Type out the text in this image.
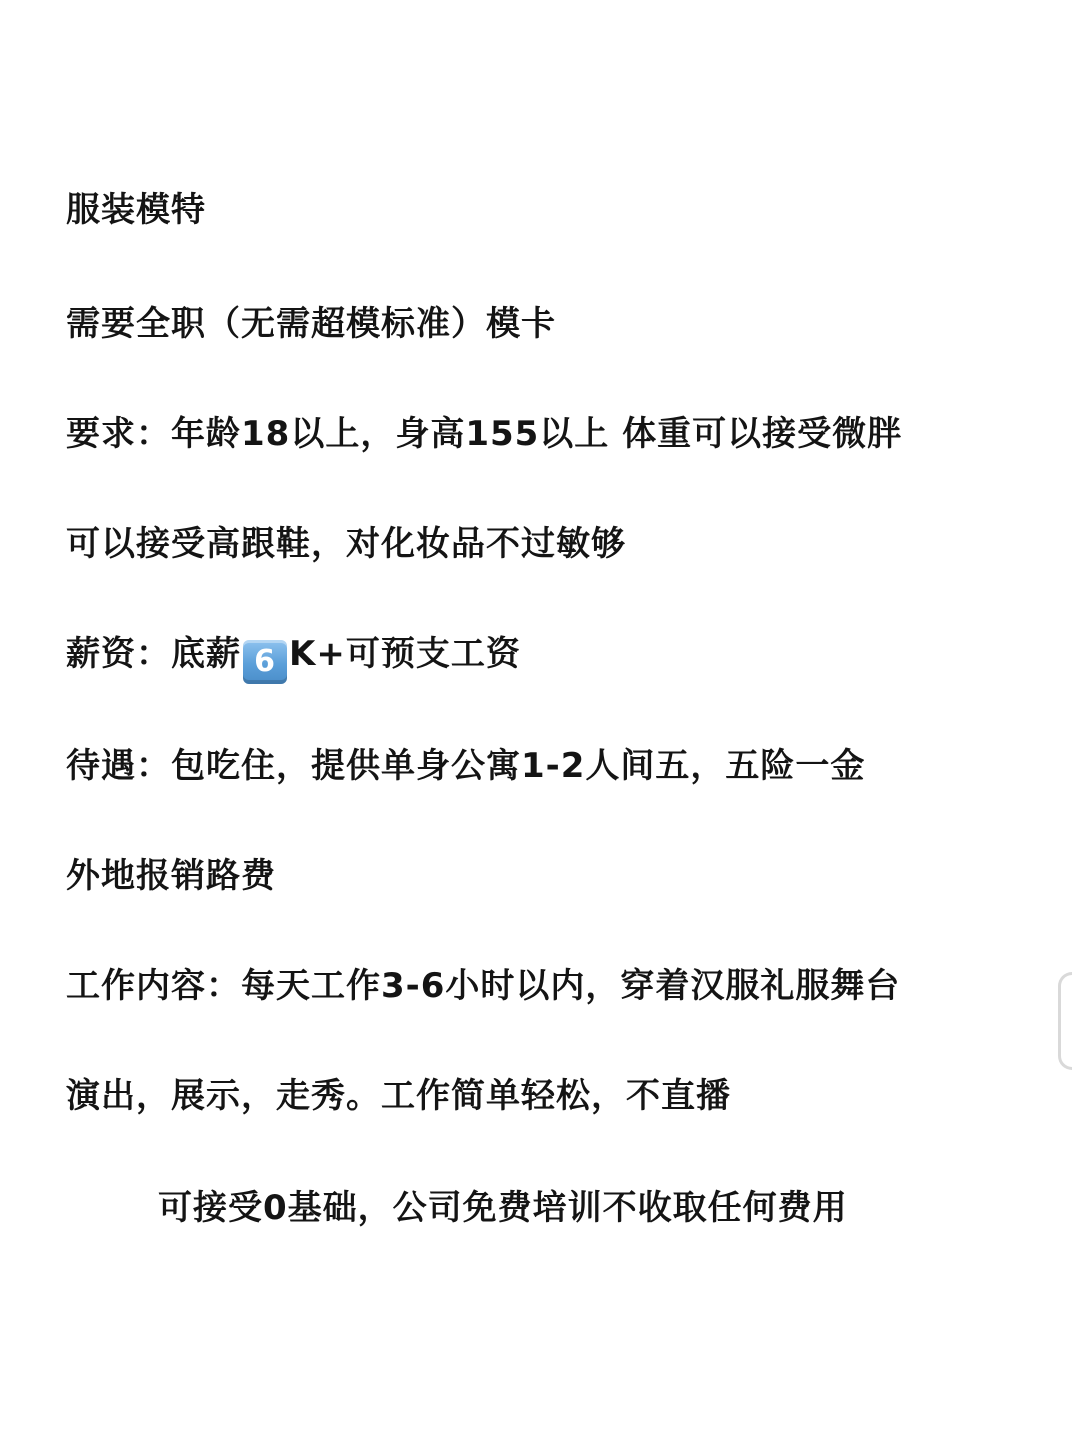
服装模特
需要全职（无需超模标准）模卡
要求：年龄18以上，身高155以上 体重可以接受微胖
可以接受高跟鞋，对化妆品不过敏够
薪资：底薪 6 K+可预支工资
待遇：包吃住，提供单身公寓1-2人间五，五险一金
外地报销路费
工作内容：每天工作3-6小时以内，穿着汉服礼服舞台
演出，展示，走秀。工作简单轻松，不直播
可接受0基础，公司免费培训不收取任何费用
